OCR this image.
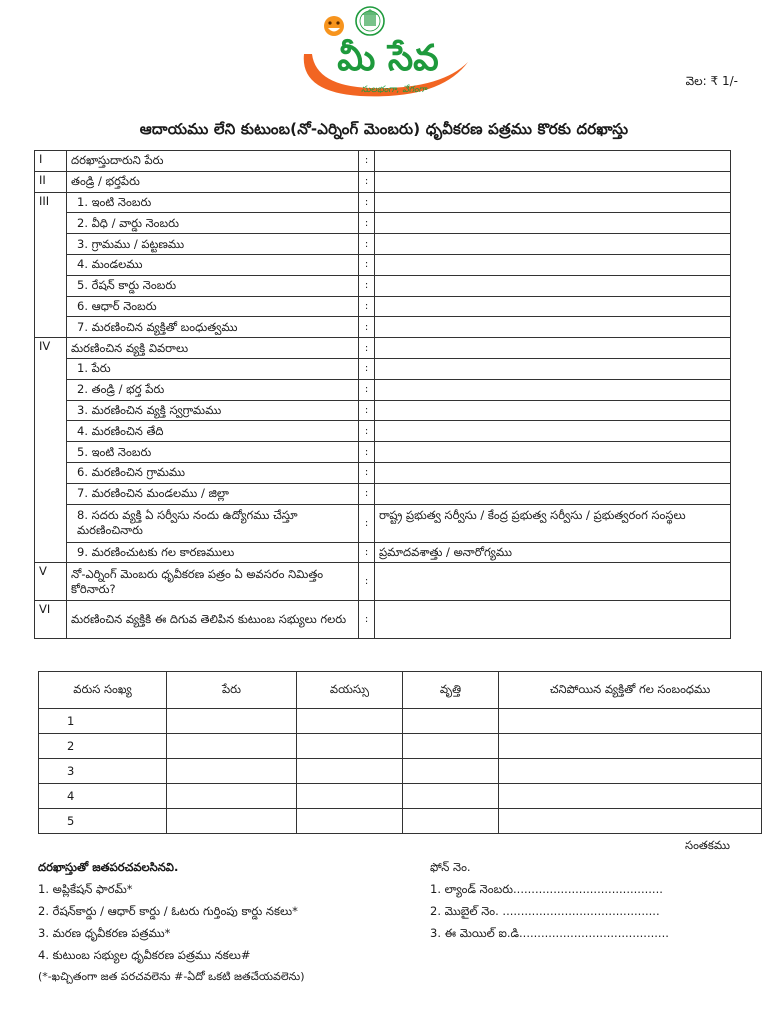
మీ సేవ
సులభంగా, వేగంగా
వెల: ₹ 1/-
ఆదాయము లేని కుటుంబ(నో-ఎర్నింగ్ మెంబరు) ధృవీకరణ పత్రము కొరకు దరఖాస్తు
I	దరఖాస్తుదారుని పేరు	:	
II	తండ్రి / భర్తపేరు	:	
III	1. ఇంటి నెంబరు	:	
	2. వీధి / వార్డు నెంబరు	:	
	3. గ్రామము / పట్టణము	:	
	4. మండలము	:	
	5. రేషన్ కార్డు నెంబరు	:	
	6. ఆధార్ నెంబరు	:	
	7. మరణించిన వ్యక్తితో బంధుత్వము	:	
IV	మరణించిన వ్యక్తి వివరాలు	:	
	1. పేరు	:	
	2. తండ్రి / భర్త పేరు	:	
	3. మరణించిన వ్యక్తి స్వగ్రామము	:	
	4. మరణించిన తేది	:	
	5. ఇంటి నెంబరు	:	
	6. మరణించిన గ్రామము	:	
	7. మరణించిన మండలము / జిల్లా	:	
	8. సదరు వ్యక్తి ఏ సర్వీసు నందు ఉద్యోగము చేస్తూ మరణించినారు	:	రాష్ట్ర ప్రభుత్వ సర్వీసు / కేంద్ర ప్రభుత్వ సర్వీసు / ప్రభుత్వరంగ సంస్థలు
	9. మరణించుటకు గల కారణములు	:	ప్రమాదవశాత్తు / అనారోగ్యము
V	నో-ఎర్నింగ్ మెంబరు ధృవీకరణ పత్రం ఏ అవసరం నిమిత్తం కోరినారు?	:	
VI	మరణించిన వ్యక్తికి ఈ దిగువ తెలిపిన కుటుంబ సభ్యులు గలరు	:	
వరుస సంఖ్య	పేరు	వయస్సు	వృత్తి	చనిపోయిన వ్యక్తితో గల సంబంధము
1				
2				
3				
4				
5				
సంతకము
దరఖాస్తుతో జతపరచవలసినవి.
1. అప్లికేషన్ ఫారమ్*
2. రేషన్‌కార్డు / ఆధార్ కార్డు / ఓటరు గుర్తింపు కార్డు నకలు*
3. మరణ ధృవీకరణ పత్రము*
4. కుటుంబ సభ్యుల ధృవీకరణ పత్రము నకలు#
(*-ఖచ్చితంగా జత పరచవలెను #-ఏదో ఒకటి జతచేయవలెను)
ఫోన్ నెం.
1. ల్యాండ్ నెంబరు.........................................
2. మొబైల్ నెం. ...........................................
3. ఈ మెయిల్ ఐ.డి.........................................
